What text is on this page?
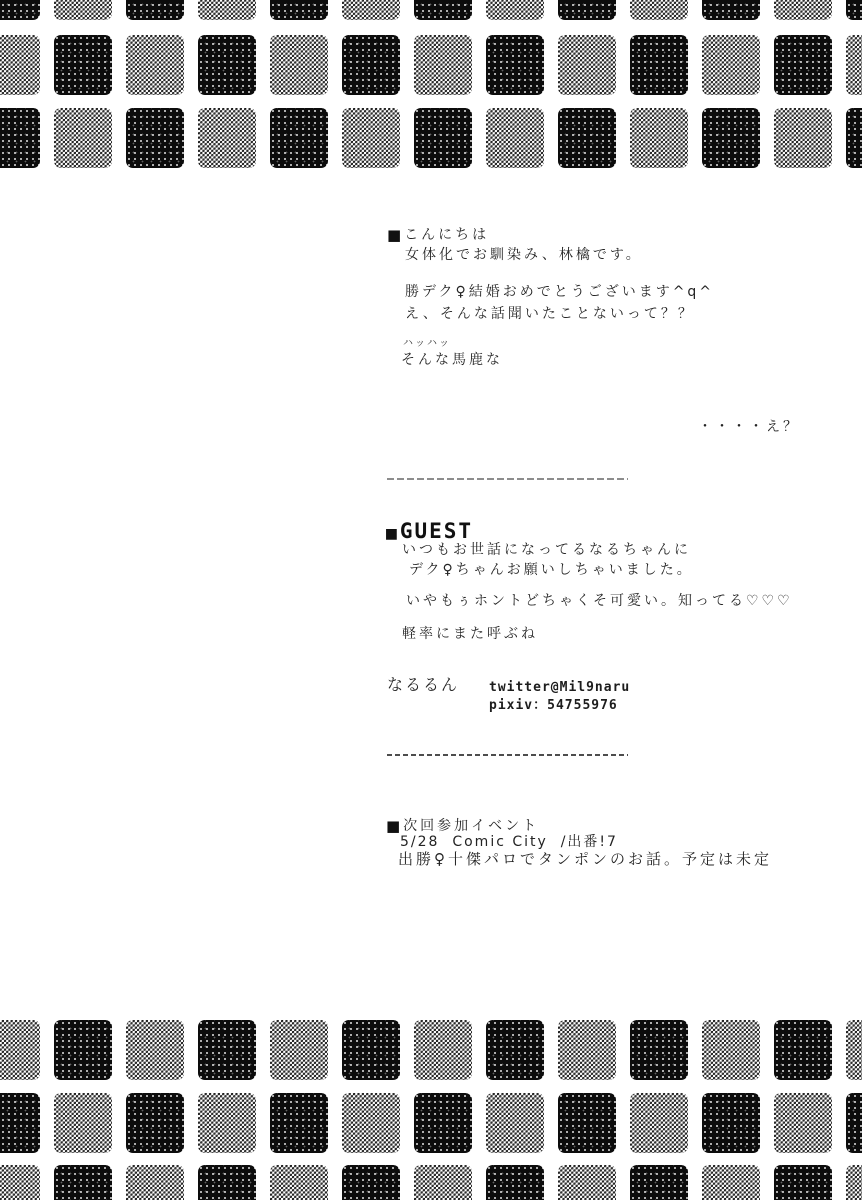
■ こんにちは
女体化でお馴染み、林檎です。
勝デク♀結婚おめでとうございます^q^
え、そんな話聞いたことないって？？
ハッハッ
そんな馬鹿な
・・・・え？
■ GUEST
いつもお世話になってるなるちゃんに
デク♀ちゃんお願いしちゃいました。
いやもぅホントどちゃくそ可愛い。知ってる♡♡♡
軽率にまた呼ぶね
なるるん twitter@Mil9naru
pixiv：54755976
■ 次回参加イベント
5/28  Comic City  /出番!7
出勝♀十傑パロでタンポンのお話。予定は未定
